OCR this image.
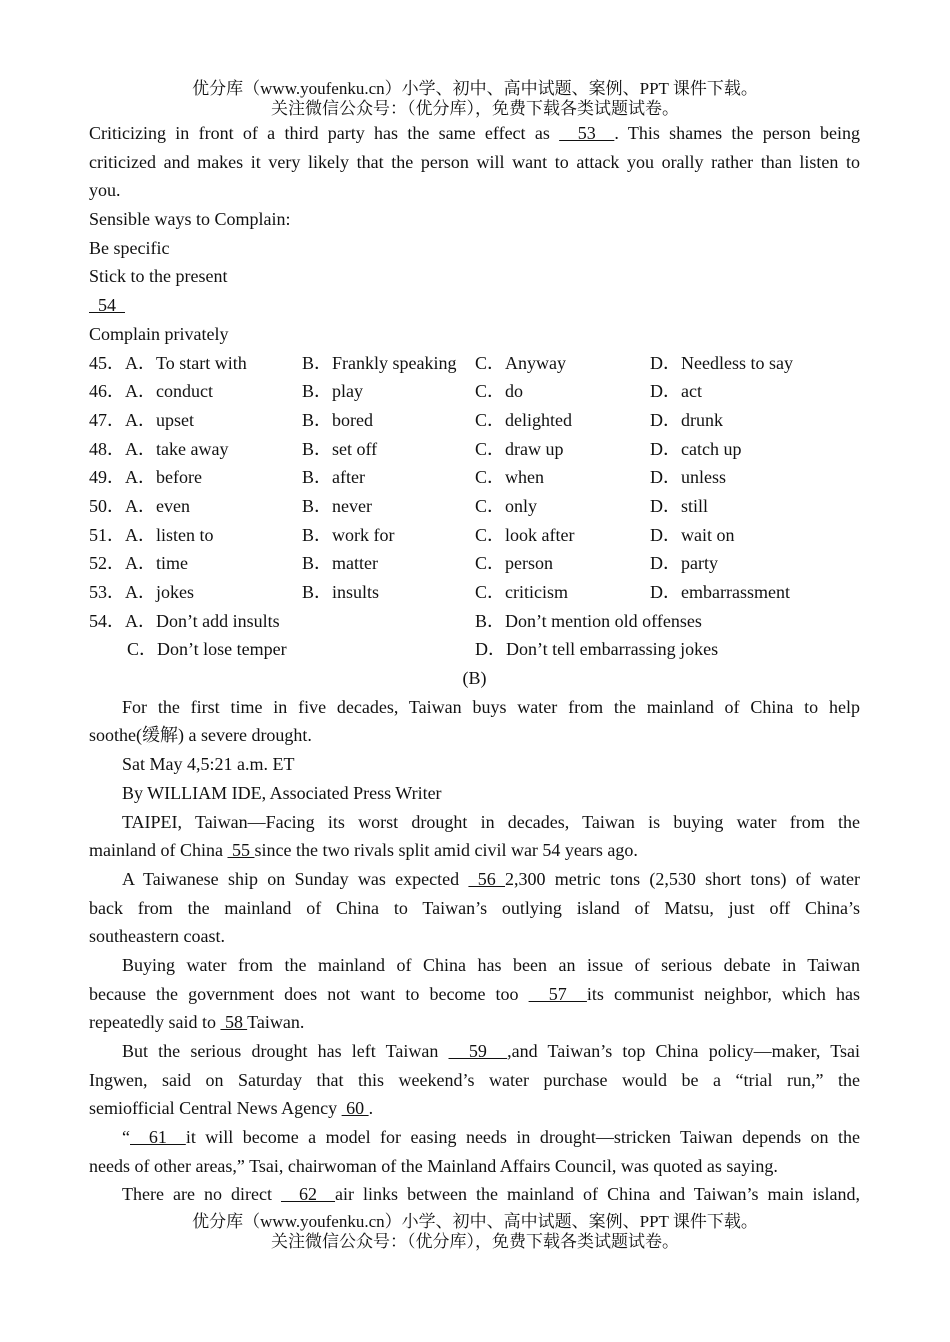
优分库（www.youfenku.cn）小学、初中、高中试题、案例、PPT 课件下载。
关注微信公众号：（优分库），免费下载各类试题试卷。
Criticizing in front of a third party has the same effect as   53  . This shames the person being
criticized and makes it very likely that the person will want to attack you orally rather than listen to
you.
Sensible ways to Complain:
Be specific
Stick to the present
54
Complain privately
45．A．To start with	B．Frankly speaking C．Anyway	D．Needless to say
46．A．conduct	B．play	C．do	D．act
47．A．upset	B．bored	C．delighted	D．drunk
48．A．take away	B．set off	C．draw up	D．catch up
49．A．before	B．after	C．when	D．unless
50．A．even	B．never	C．only	D．still
51．A．listen to	B．work for	C．look after	D．wait on
52．A．time	B．matter	C．person	D．party
53．A．jokes	B．insults	C．criticism	D．embarrassment
54．A．Don’t add insults	B．Don’t mention old offenses
C．Don’t lose temper	D．Don’t tell embarrassing jokes
(B)
For the first time in five decades, Taiwan buys water from the mainland of China to help
soothe(缓解) a severe drought.
Sat May 4,5:21 a.m. ET
By WILLIAM IDE, Associated Press Writer
TAIPEI, Taiwan—Facing its worst drought in decades, Taiwan is buying water from the
mainland of China  55 since the two rivals split amid civil war 54 years ago.
A Taiwanese ship on Sunday was expected  56 2,300 metric tons (2,530 short tons) of water
back from the mainland of China to Taiwan’s outlying island of Matsu, just off China’s
southeastern coast.
Buying water from the mainland of China has been an issue of serious debate in Taiwan
because the government does not want to become too   57  its communist neighbor, which has
repeatedly said to  58 Taiwan.
But the serious drought has left Taiwan   59  ,and Taiwan’s top China policy—maker, Tsai
Ingwen, said on Saturday that this weekend’s water purchase would be a “trial run,” the
semiofficial Central News Agency  60 .
“  61  it will become a model for easing needs in drought—stricken Taiwan depends on the
needs of other areas,” Tsai, chairwoman of the Mainland Affairs Council, was quoted as saying.
There are no direct   62  air links between the mainland of China and Taiwan’s main island,
优分库（www.youfenku.cn）小学、初中、高中试题、案例、PPT 课件下载。
关注微信公众号：（优分库），免费下载各类试题试卷。
